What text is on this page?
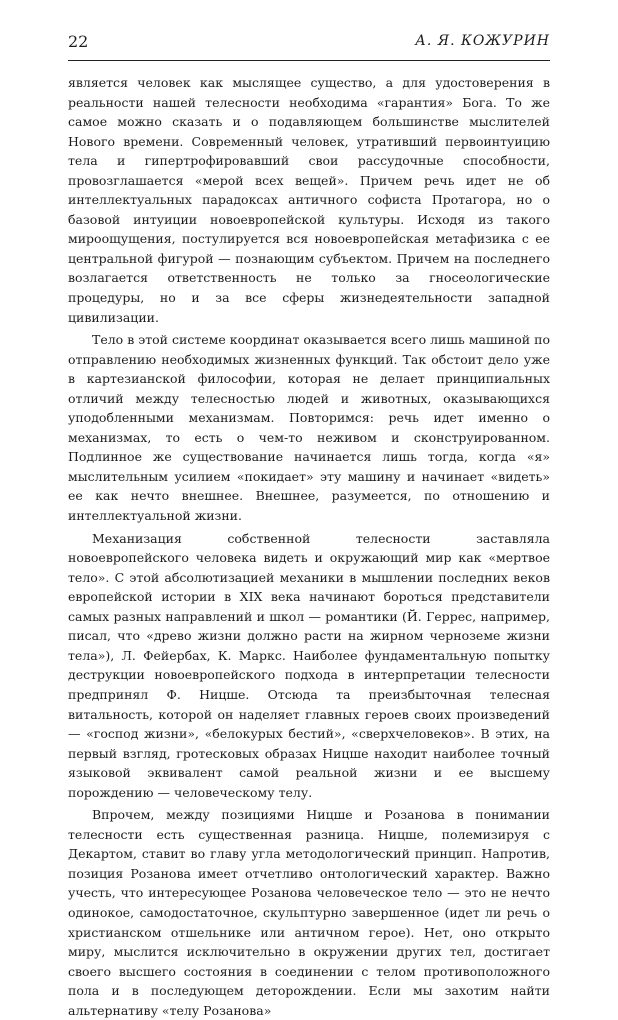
22	А. Я. КОЖУРИН

является человек как мыслящее существо, а для удостоверения в реальности нашей телесности необходима «гарантия» Бога. То же самое можно сказать и о подавляющем большинстве мыслителей Нового времени. Современный человек, утративший первоинтуицию тела и гипертрофировавший свои рассудочные способности, провозглашается «мерой всех вещей». Причем речь идет не об интеллектуальных парадоксах античного софиста Протагора, но о базовой интуиции новоевропейской культуры. Исходя из такого мироощущения, постулируется вся новоевропейская метафизика с ее центральной фигурой — познающим субъектом. Причем на последнего возлагается ответственность не только за гносеологические процедуры, но и за все сферы жизнедеятельности западной цивилизации.

Тело в этой системе координат оказывается всего лишь машиной по отправлению необходимых жизненных функций. Так обстоит дело уже в картезианской философии, которая не делает принципиальных отличий между телесностью людей и животных, оказывающихся уподобленными механизмам. Повторимся: речь идет именно о механизмах, то есть о чем-то неживом и сконструированном. Подлинное же существование начинается лишь тогда, когда «я» мыслительным усилием «покидает» эту машину и начинает «видеть» ее как нечто внешнее. Внешнее, разумеется, по отношению и интеллектуальной жизни.

Механизация собственной телесности заставляла новоевропейского человека видеть и окружающий мир как «мертвое тело». С этой абсолютизацией механики в мышлении последних веков европейской истории в XIX века начинают бороться представители самых разных направлений и школ — романтики (Й. Геррес, например, писал, что «древо жизни должно расти на жирном черноземе жизни тела»), Л. Фейербах, К. Маркс. Наиболее фундаментальную попытку деструкции новоевропейского подхода в интерпретации телесности предпринял Ф. Ницше. Отсюда та преизбыточная телесная витальность, которой он наделяет главных героев своих произведений — «господ жизни», «белокурых бестий», «сверхчеловеков». В этих, на первый взгляд, гротесковых образах Ницше находит наиболее точный языковой эквивалент самой реальной жизни и ее высшему порождению — человеческому телу.

Впрочем, между позициями Ницше и Розанова в понимании телесности есть существенная разница. Ницше, полемизируя с Декартом, ставит во главу угла методологический принцип. Напротив, позиция Розанова имеет отчетливо онтологический характер. Важно учесть, что интересующее Розанова человеческое тело — это не нечто одинокое, самодостаточное, скульптурно завершенное (идет ли речь о христианском отшельнике или античном герое). Нет, оно открыто миру, мыслится исключительно в окружении других тел, достигает своего высшего состояния в соединении с телом противоположного пола и в последующем деторождении. Если мы захотим найти альтернативу «телу Розанова»
